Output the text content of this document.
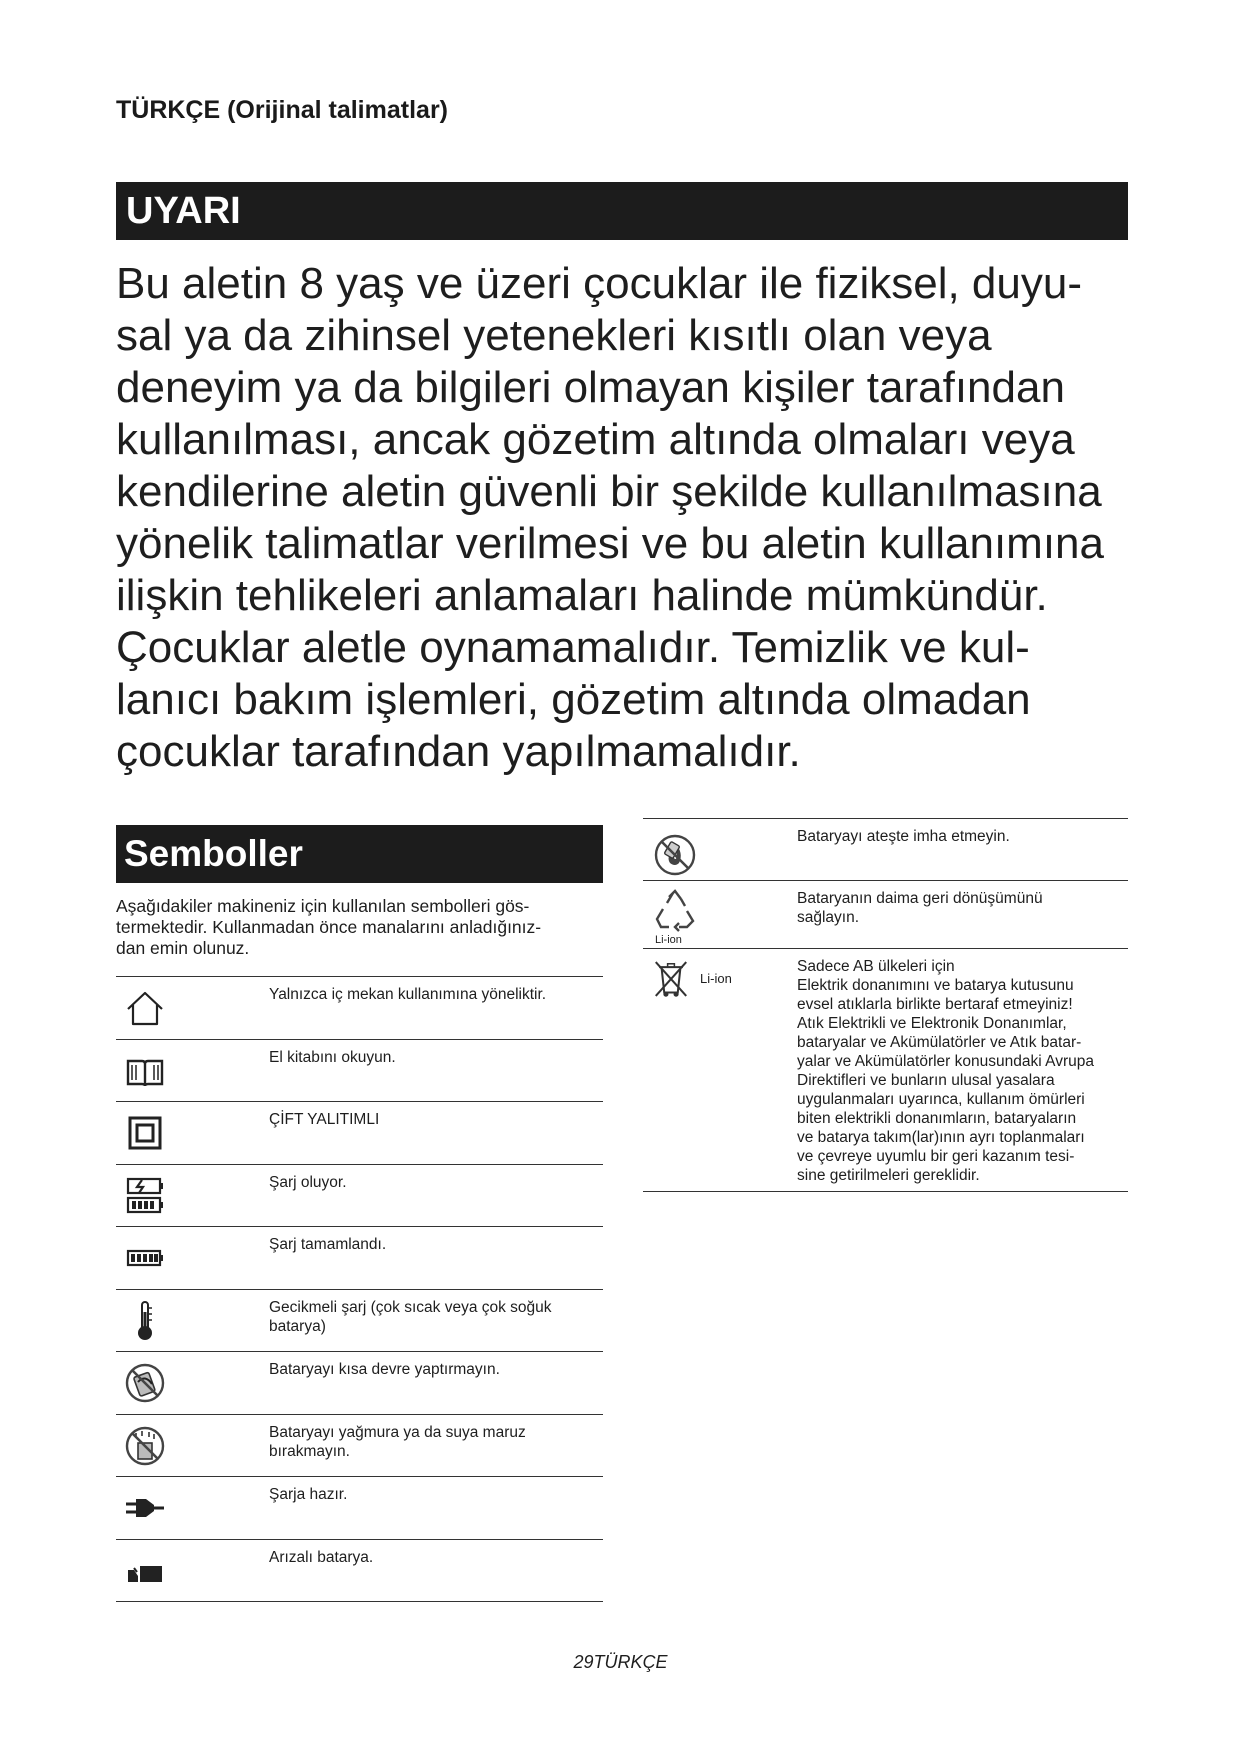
TÜRKÇE (Orijinal talimatlar)
UYARI

Bu aletin 8 yaş ve üzeri çocuklar ile fiziksel, duyu-
sal ya da zihinsel yetenekleri kısıtlı olan veya
deneyim ya da bilgileri olmayan kişiler tarafından
kullanılması, ancak gözetim altında olmaları veya
kendilerine aletin güvenli bir şekilde kullanılmasına
yönelik talimatlar verilmesi ve bu aletin kullanımına
ilişkin tehlikeleri anlamaları halinde mümkündür.
Çocuklar aletle oynamamalıdır. Temizlik ve kul-
lanıcı bakım işlemleri, gözetim altında olmadan
çocuklar tarafından yapılmamalıdır.

Semboller

Aşağıdakiler makineniz için kullanılan sembolleri gös-
termektedir. Kullanmadan önce manalarını anladığınız-
dan emin olunuz.

Yalnızca iç mekan kullanımına yöneliktir.
El kitabını okuyun.
ÇİFT YALITIMLI
Şarj oluyor.
Şarj tamamlandı.
Gecikmeli şarj (çok sıcak veya çok soğuk batarya)
Bataryayı kısa devre yaptırmayın.
Bataryayı yağmura ya da suya maruz bırakmayın.
Şarja hazır.
Arızalı batarya.
Bataryayı ateşte imha etmeyin.
Li-ion
Bataryanın daima geri dönüşümünü sağlayın.
Li-ion
Sadece AB ülkeleri için
Elektrik donanımını ve batarya kutusunu
evsel atıklarla birlikte bertaraf etmeyiniz!
Atık Elektrikli ve Elektronik Donanımlar,
bataryalar ve Akümülatörler ve Atık batar-
yalar ve Akümülatörler konusundaki Avrupa
Direktifleri ve bunların ulusal yasalara
uygulanmaları uyarınca, kullanım ömürleri
biten elektrikli donanımların, bataryaların
ve batarya takım(lar)ının ayrı toplanmaları
ve çevreye uyumlu bir geri kazanım tesi-
sine getirilmeleri gereklidir.
29TÜRKÇE
